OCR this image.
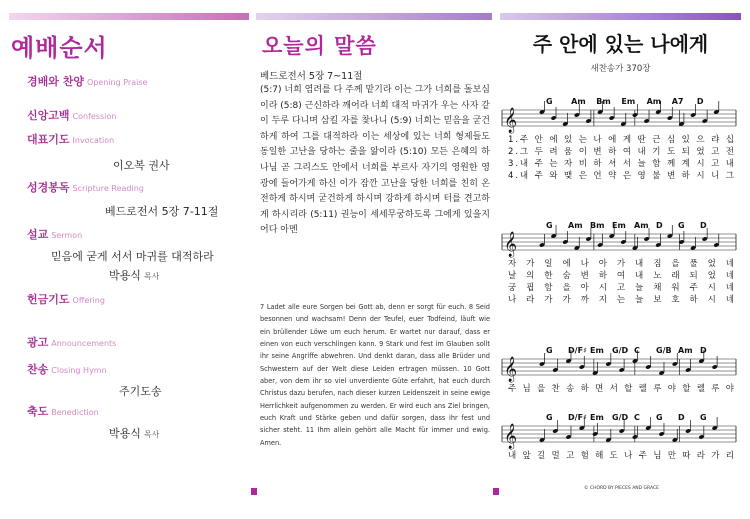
예배순서
경배와 찬양 Opening Praise
신앙고백 Confession
대표기도 Invocation
이오복 권사
성경봉독 Scripture Reading
베드로전서 5장 7-11절
설교 Sermon
믿음에 굳게 서서 마귀를 대적하라
박용식 목사
헌금기도 Offering
광고 Announcements
찬송 Closing Hymn
주기도송
축도 Benediction
박용식 목사
오늘의 말씀
베드로전서 5장 7~11절
(5:7) 너희 염려를 다 주께 맡기라 이는 그가 너희를 돌보심이라 (5:8) 근신하라 깨어라 너희 대적 마귀가 우는 사자 같이 두루 다니며 삼킬 자를 찾나니 (5:9) 너희는 믿음을 굳건하게 하여 그를 대적하라 이는 세상에 있는 너희 형제들도 동일한 고난을 당하는 줄을 앎이라 (5:10) 모든 은혜의 하나님 곧 그리스도 안에서 너희를 부르사 자기의 영원한 영광에 들어가게 하신 이가 잠깐 고난을 당한 너희를 친히 온전하게 하시며 굳건하게 하시며 강하게 하시며 터를 견고하게 하시리라 (5:11) 권능이 세세무궁하도록 그에게 있을지어다 아멘
7 Ladet alle eure Sorgen bei Gott ab, denn er sorgt für euch. 8 Seid besonnen und wachsam! Denn der Teufel, euer Todfeind, läuft wie ein brüllender Löwe um euch herum. Er wartet nur darauf, dass er einen von euch verschlingen kann. 9 Stark und fest im Glauben sollt ihr seine Angriffe abwehren. Und denkt daran, dass alle Brüder und Schwestern auf der Welt diese Leiden ertragen müssen. 10 Gott aber, von dem ihr so viel unverdiente Güte erfahrt, hat euch durch Christus dazu berufen, nach dieser kurzen Leidenszeit in seine ewige Herrlichkeit aufgenommen zu werden. Er wird euch ans Ziel bringen, euch Kraft und Stärke geben und dafür sorgen, dass ihr fest und sicher steht. 11 Ihm allein gehört alle Macht für immer und ewig. Amen.
주 안에 있는 나에게
새찬송가 370장
G Am Bm Em Am A7 D
𝄞
1.주 안 에 있 는 나 에 게 딴 근 심 있 으 랴 십
2.그 두 려 움 이 변 하 여 내 기 도 되 었 고 전
3.내 주 는 자 비 하 셔 서 늘 함 께 계 시 고 내
4.내 주 와 맺 은 언 약 은 영 불 변 하 시 니 그
G Am Bm Em Am D G D
𝄞
자 가 일 에 나 아 가 내 짐 을 풀 었 네
날 의 한 숨 변 하 여 내 노 래 되 었 네
궁 핍 함 을 아 시 고 늘 채 워 주 시 네
나 라 가 가 까 지 는 늘 보 호 하 시 네
G D/F♯ Em G/D C G/B Am D
𝄞
주 님 을 찬 송 하 면 서 할 렐 루 야 할 렐 루 야
G D/F♯ Em G/D C G D G
𝄞
내 앞 길 멀 고 험 해 도 나 주 님 만 따 라 가 리
© CHORD BY PIECES AND GRACE
